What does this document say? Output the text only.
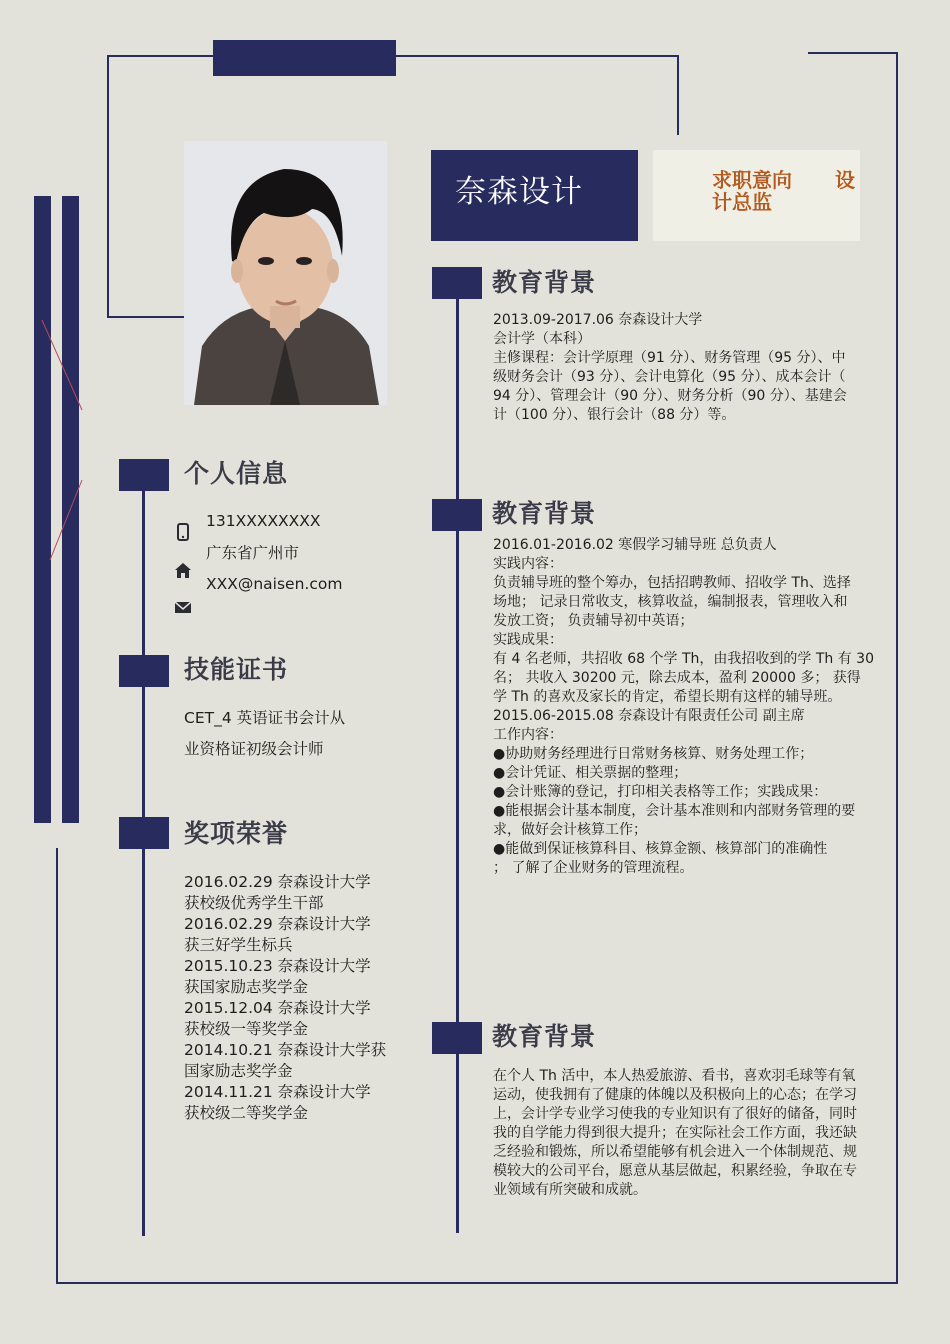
奈森设计	求职意向 设
计总监
教育背景
2013.09-2017.06 奈森设计大学
会计学（本科）
主修课程：会计学原理（91 分）、财务管理（95 分）、中
级财务会计（93 分）、会计电算化（95 分）、成本会计（
94 分）、管理会计（90 分）、财务分析（90 分）、基建会
计（100 分）、银行会计（88 分）等。
教育背景
2016.01-2016.02 寒假学习辅导班 总负责人
实践内容：
负责辅导班的整个筹办，包括招聘教师、招收学 Th、选择
场地； 记录日常收支，核算收益，编制报表，管理收入和
发放工资； 负责辅导初中英语；
实践成果：
有 4 名老师，共招收 68 个学 Th，由我招收到的学 Th 有 30
名； 共收入 30200 元，除去成本，盈利 20000 多； 获得
学 Th 的喜欢及家长的肯定，希望长期有这样的辅导班。
2015.06-2015.08 奈森设计有限责任公司 副主席
工作内容：
●协助财务经理进行日常财务核算、财务处理工作；
●会计凭证、相关票据的整理；
●会计账簿的登记，打印相关表格等工作；实践成果：
●能根据会计基本制度，会计基本准则和内部财务管理的要
求，做好会计核算工作；
●能做到保证核算科目、核算金额、核算部门的准确性
； 了解了企业财务的管理流程。
教育背景
在个人 Th 活中，本人热爱旅游、看书，喜欢羽毛球等有氧
运动，使我拥有了健康的体魄以及积极向上的心态；在学习
上，会计学专业学习使我的专业知识有了很好的储备，同时
我的自学能力得到很大提升；在实际社会工作方面，我还缺
乏经验和锻炼，所以希望能够有机会进入一个体制规范、规
模较大的公司平台，愿意从基层做起，积累经验，争取在专
业领域有所突破和成就。
个人信息
131XXXXXXXX
广东省广州市
XXX@naisen.com
技能证书
CET_4 英语证书会计从
业资格证初级会计师
奖项荣誉
2016.02.29 奈森设计大学
获校级优秀学生干部
2016.02.29 奈森设计大学
获三好学生标兵
2015.10.23 奈森设计大学
获国家励志奖学金
2015.12.04 奈森设计大学
获校级一等奖学金
2014.10.21 奈森设计大学获
国家励志奖学金
2014.11.21 奈森设计大学
获校级二等奖学金
